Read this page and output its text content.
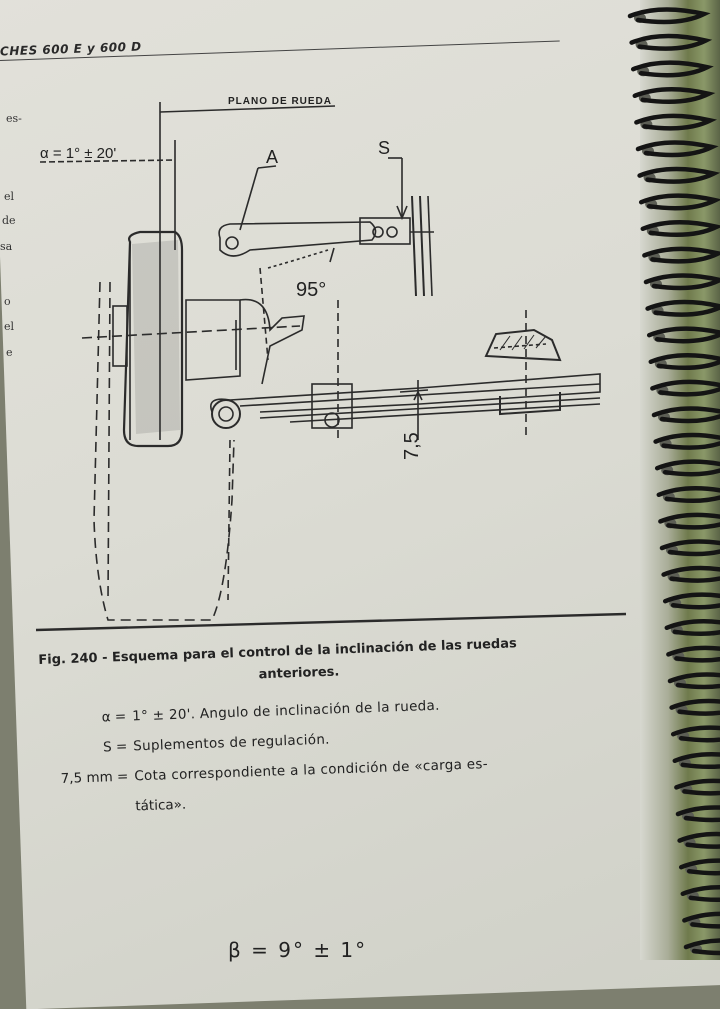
CHES 600 E y 600 D
es-
el
de
sa
o
el
e
PLANO DE RUEDA
α = 1° ± 20'	A	S
95°
7,5
Fig. 240 - Esquema para el control de la inclinación de las ruedas
anteriores.
α = 1° ± 20'. Angulo de inclinación de la rueda.
S = Suplementos de regulación.
7,5 mm = Cota correspondiente a la condición de «carga es-
tática».
β = 9° ± 1°
